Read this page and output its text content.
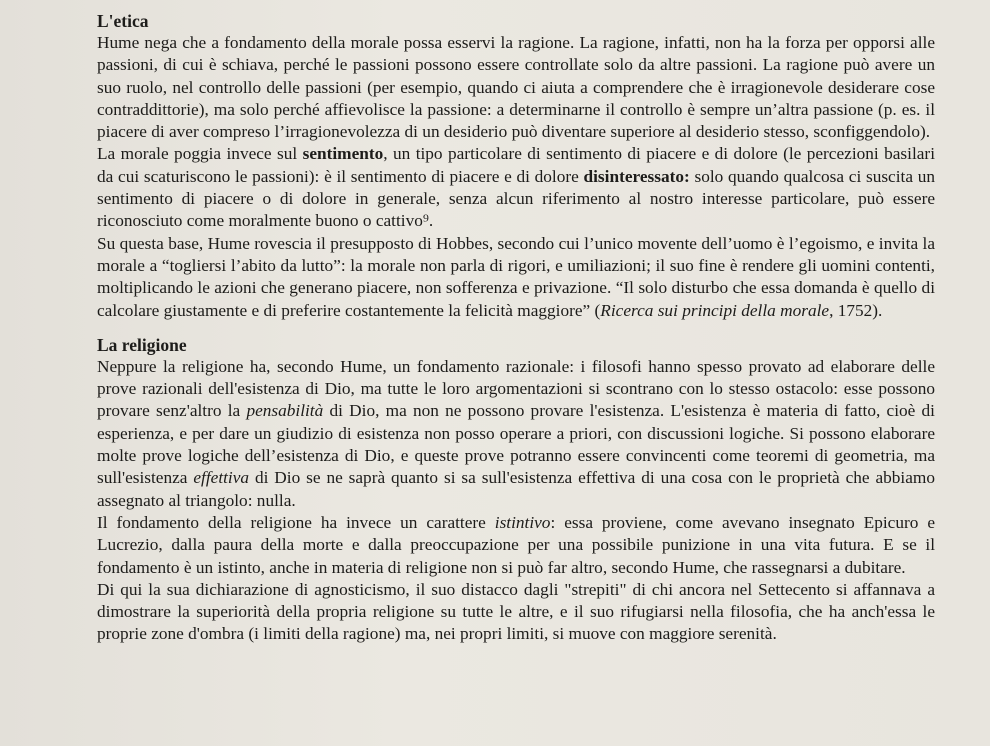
L'etica

Hume nega che a fondamento della morale possa esservi la ragione. La ragione, infatti, non ha la forza per opporsi alle passioni, di cui è schiava, perché le passioni possono essere controllate solo da altre passioni. La ragione può avere un suo ruolo, nel controllo delle passioni (per esempio, quando ci aiuta a comprendere che è irragionevole desiderare cose contraddittorie), ma solo perché affievolisce la passione: a determinarne il controllo è sempre un’altra passione (p. es. il piacere di aver compreso l’irragionevolezza di un desiderio può diventare superiore al desiderio stesso, sconfiggendolo).

La morale poggia invece sul sentimento, un tipo particolare di sentimento di piacere e di dolore (le percezioni basilari da cui scaturiscono le passioni): è il sentimento di piacere e di dolore disinteressato: solo quando qualcosa ci suscita un sentimento di piacere o di dolore in generale, senza alcun riferimento al nostro interesse particolare, può essere riconosciuto come moralmente buono o cattivo⁹.

Su questa base, Hume rovescia il presupposto di Hobbes, secondo cui l’unico movente dell’uomo è l’egoismo, e invita la morale a “togliersi l’abito da lutto”: la morale non parla di rigori, e umiliazioni; il suo fine è rendere gli uomini contenti, moltiplicando le azioni che generano piacere, non sofferenza e privazione. “Il solo disturbo che essa domanda è quello di calcolare giustamente e di preferire costantemente la felicità maggiore” (Ricerca sui principi della morale, 1752).

La religione

Neppure la religione ha, secondo Hume, un fondamento razionale: i filosofi hanno spesso provato ad elaborare delle prove razionali dell'esistenza di Dio, ma tutte le loro argomentazioni si scontrano con lo stesso ostacolo: esse possono provare senz'altro la pensabilità di Dio, ma non ne possono provare l'esistenza. L'esistenza è materia di fatto, cioè di esperienza, e per dare un giudizio di esistenza non posso operare a priori, con discussioni logiche. Si possono elaborare molte prove logiche dell’esistenza di Dio, e queste prove potranno essere convincenti come teoremi di geometria, ma sull'esistenza effettiva di Dio se ne saprà quanto si sa sull'esistenza effettiva di una cosa con le proprietà che abbiamo assegnato al triangolo: nulla.

Il fondamento della religione ha invece un carattere istintivo: essa proviene, come avevano insegnato Epicuro e Lucrezio, dalla paura della morte e dalla preoccupazione per una possibile punizione in una vita futura. E se il fondamento è un istinto, anche in materia di religione non si può far altro, secondo Hume, che rassegnarsi a dubitare.

Di qui la sua dichiarazione di agnosticismo, il suo distacco dagli "strepiti" di chi ancora nel Settecento si affannava a dimostrare la superiorità della propria religione su tutte le altre, e il suo rifugiarsi nella filosofia, che ha anch'essa le proprie zone d'ombra (i limiti della ragione) ma, nei propri limiti, si muove con maggiore serenità.
